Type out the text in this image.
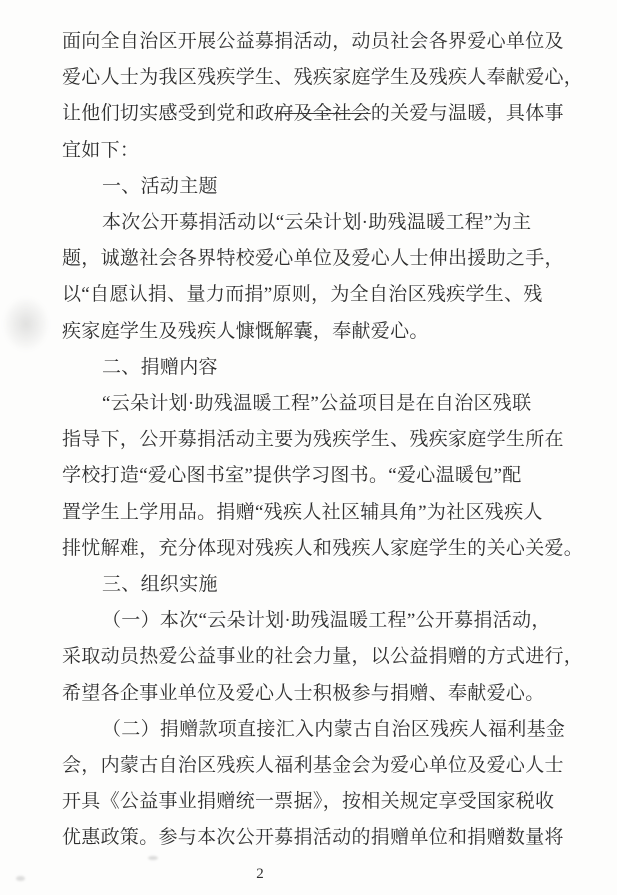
面向全自治区开展公益募捐活动，动员社会各界爱心单位及
爱心人士为我区残疾学生、残疾家庭学生及残疾人奉献爱心，
让他们切实感受到党和政府及全社会的关爱与温暖，具体事
宜如下：
一、活动主题
本次公开募捐活动以“云朵计划·助残温暖工程”为主
题，诚邀社会各界特校爱心单位及爱心人士伸出援助之手，
以“自愿认捐、量力而捐”原则，为全自治区残疾学生、残
疾家庭学生及残疾人慷慨解囊，奉献爱心。
二、捐赠内容
“云朵计划·助残温暖工程”公益项目是在自治区残联
指导下，公开募捐活动主要为残疾学生、残疾家庭学生所在
学校打造“爱心图书室”提供学习图书。“爱心温暖包”配
置学生上学用品。捐赠“残疾人社区辅具角”为社区残疾人
排忧解难，充分体现对残疾人和残疾人家庭学生的关心关爱。
三、组织实施
（一）本次“云朵计划·助残温暖工程”公开募捐活动，
采取动员热爱公益事业的社会力量，以公益捐赠的方式进行，
希望各企事业单位及爱心人士积极参与捐赠、奉献爱心。
（二）捐赠款项直接汇入内蒙古自治区残疾人福利基金
会，内蒙古自治区残疾人福利基金会为爱心单位及爱心人士
开具《公益事业捐赠统一票据》，按相关规定享受国家税收
优惠政策。参与本次公开募捐活动的捐赠单位和捐赠数量将
2
